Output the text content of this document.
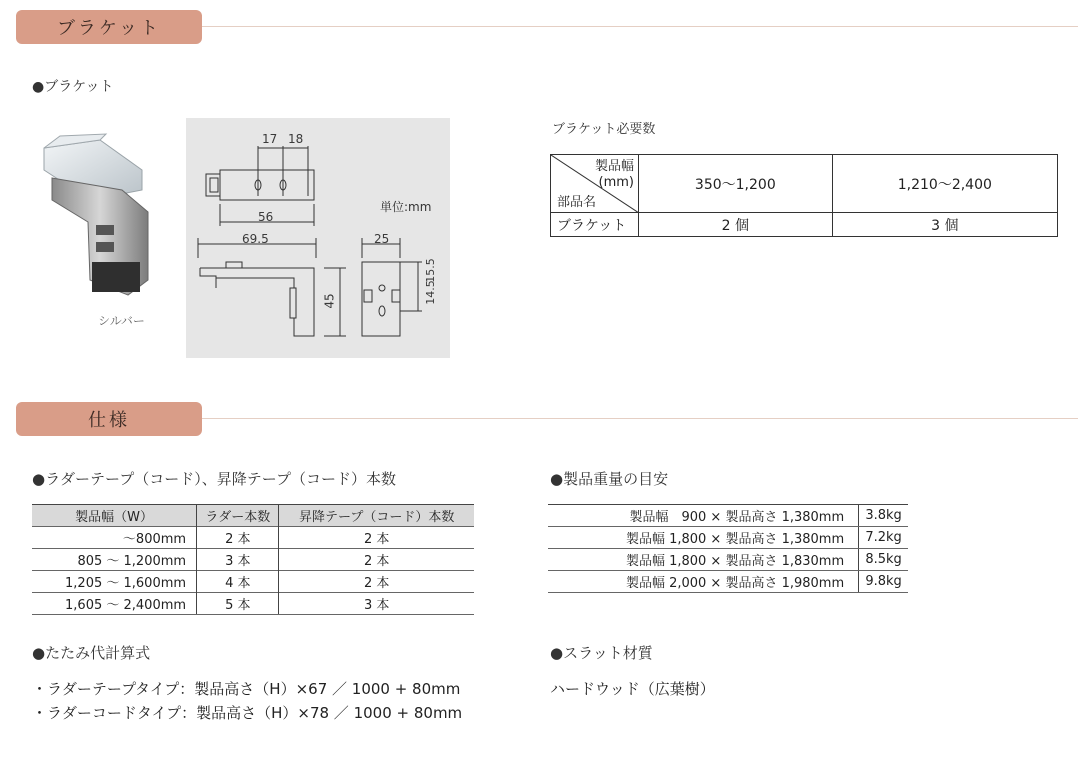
ブラケット
●ブラケット
シルバー
17 18
56
69.5	25
45	14.5
15.5
単位:mm
ブラケット必要数
製品幅
(mm)
部品名	350〜1,200	1,210〜2,400
ブラケット	2 個	3 個
仕様
●ラダーテープ（コード）、昇降テープ（コード）本数
製品幅（W）	ラダー本数	昇降テープ（コード）本数
〜800mm	2 本	2 本
805 〜 1,200mm	3 本	2 本
1,205 〜 1,600mm	4 本	2 本
1,605 〜 2,400mm	5 本	3 本
●製品重量の目安
製品幅　900 × 製品高さ 1,380mm	3.8kg
製品幅 1,800 × 製品高さ 1,380mm	7.2kg
製品幅 1,800 × 製品高さ 1,830mm	8.5kg
製品幅 2,000 × 製品高さ 1,980mm	9.8kg
●たたみ代計算式
・ラダーテープタイプ：製品高さ（H）×67 ／ 1000 + 80mm
・ラダーコードタイプ：製品高さ（H）×78 ／ 1000 + 80mm
●スラット材質
ハードウッド（広葉樹）
